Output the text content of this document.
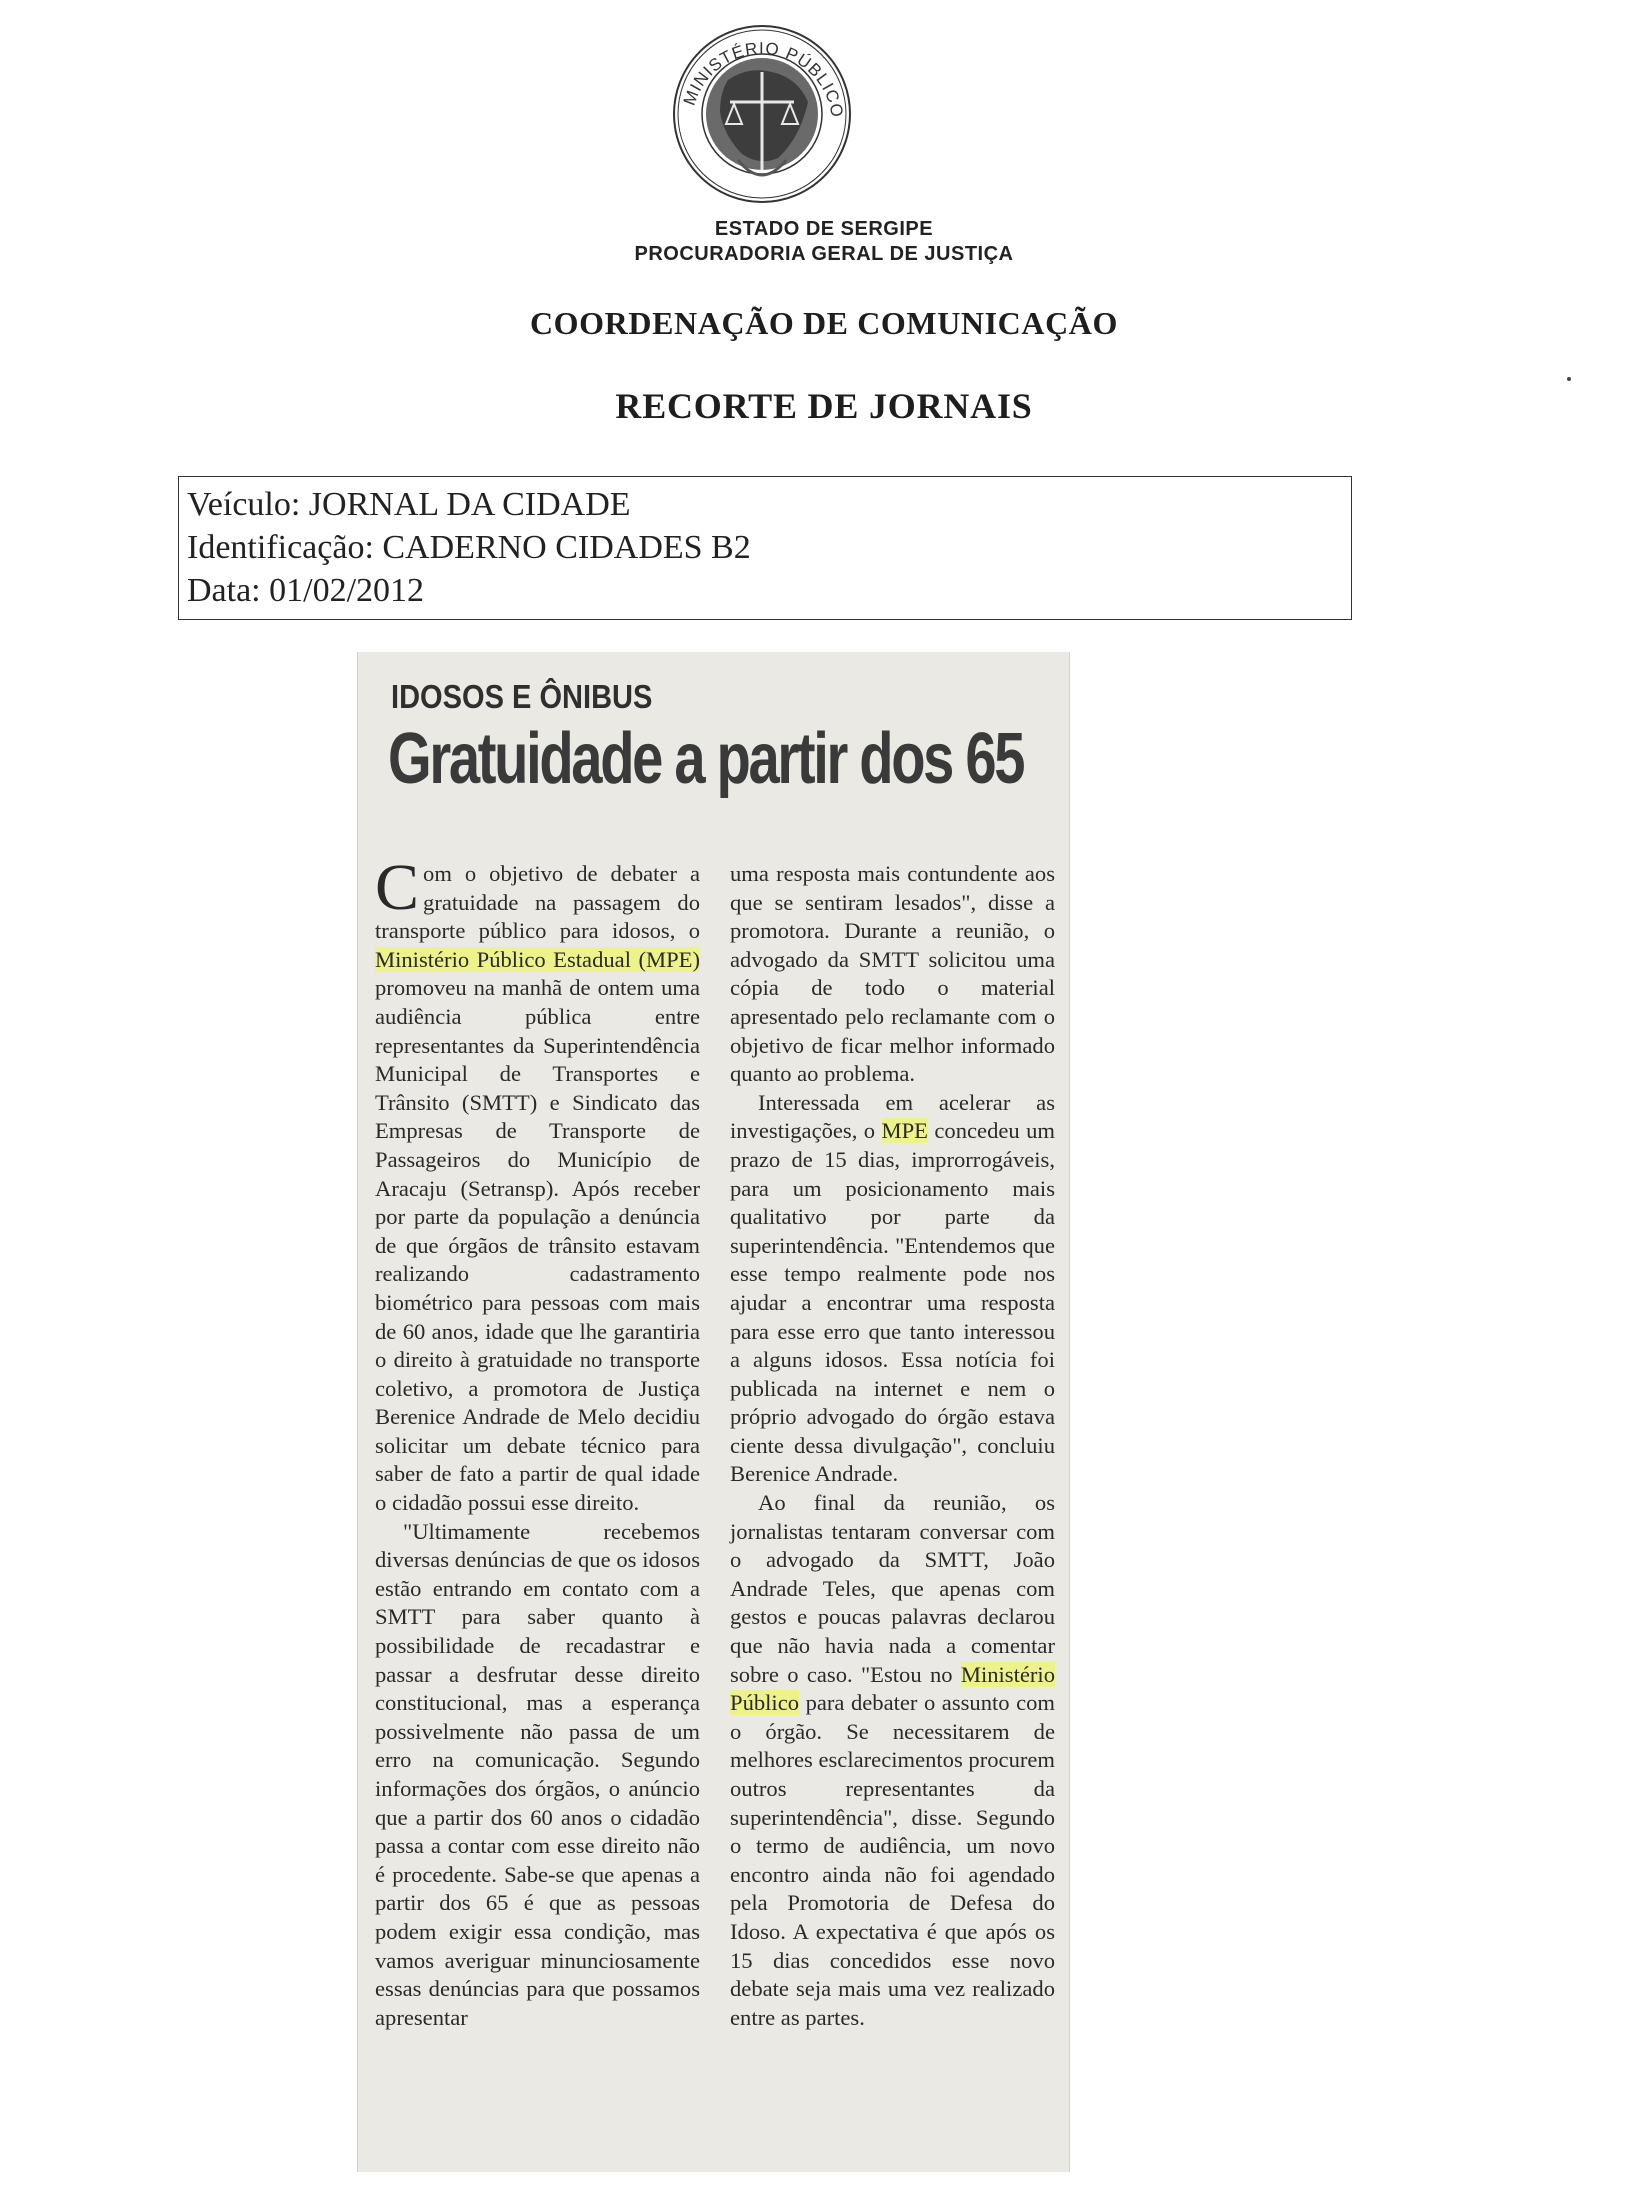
MINISTÉRIO PÚBLICO
ESTADO DE SERGIPE
PROCURADORIA GERAL DE JUSTIÇA
COORDENAÇÃO DE COMUNICAÇÃO
RECORTE DE JORNAIS
Veículo: JORNAL DA CIDADE
Identificação: CADERNO CIDADES B2
Data: 01/02/2012
IDOSOS E ÔNIBUS
Gratuidade a partir dos 65

Com o objetivo de debater a gratuidade na passagem do transporte público para idosos, o Ministério Público Estadual (MPE) promoveu na manhã de ontem uma audiência pública entre representantes da Superintendência Municipal de Transportes e Trânsito (SMTT) e Sindicato das Empresas de Transporte de Passageiros do Município de Aracaju (Setransp). Após receber por parte da população a denúncia de que órgãos de trânsito estavam realizando cadastramento biométrico para pessoas com mais de 60 anos, idade que lhe garantiria o direito à gratuidade no transporte coletivo, a promotora de Justiça Berenice Andrade de Melo decidiu solicitar um debate técnico para saber de fato a partir de qual idade o cidadão possui esse direito.

"Ultimamente recebemos diversas denúncias de que os idosos estão entrando em contato com a SMTT para saber quanto à possibilidade de recadastrar e passar a desfrutar desse direito constitucional, mas a esperança possivelmente não passa de um erro na comunicação. Segundo informações dos órgãos, o anúncio que a partir dos 60 anos o cidadão passa a contar com esse direito não é procedente. Sabe-se que apenas a partir dos 65 é que as pessoas podem exigir essa condição, mas vamos averiguar minunciosamente essas denúncias para que possamos apresentar

uma resposta mais contundente aos que se sentiram lesados", disse a promotora. Durante a reunião, o advogado da SMTT solicitou uma cópia de todo o material apresentado pelo reclamante com o objetivo de ficar melhor informado quanto ao problema.

Interessada em acelerar as investigações, o MPE concedeu um prazo de 15 dias, improrrogáveis, para um posicionamento mais qualitativo por parte da superintendência. "Entendemos que esse tempo realmente pode nos ajudar a encontrar uma resposta para esse erro que tanto interessou a alguns idosos. Essa notícia foi publicada na internet e nem o próprio advogado do órgão estava ciente dessa divulgação", concluiu Berenice Andrade.

Ao final da reunião, os jornalistas tentaram conversar com o advogado da SMTT, João Andrade Teles, que apenas com gestos e poucas palavras declarou que não havia nada a comentar sobre o caso. "Estou no Ministério Público para debater o assunto com o órgão. Se necessitarem de melhores esclarecimentos procurem outros representantes da superintendência", disse. Segundo o termo de audiência, um novo encontro ainda não foi agendado pela Promotoria de Defesa do Idoso. A expectativa é que após os 15 dias concedidos esse novo debate seja mais uma vez realizado entre as partes.
